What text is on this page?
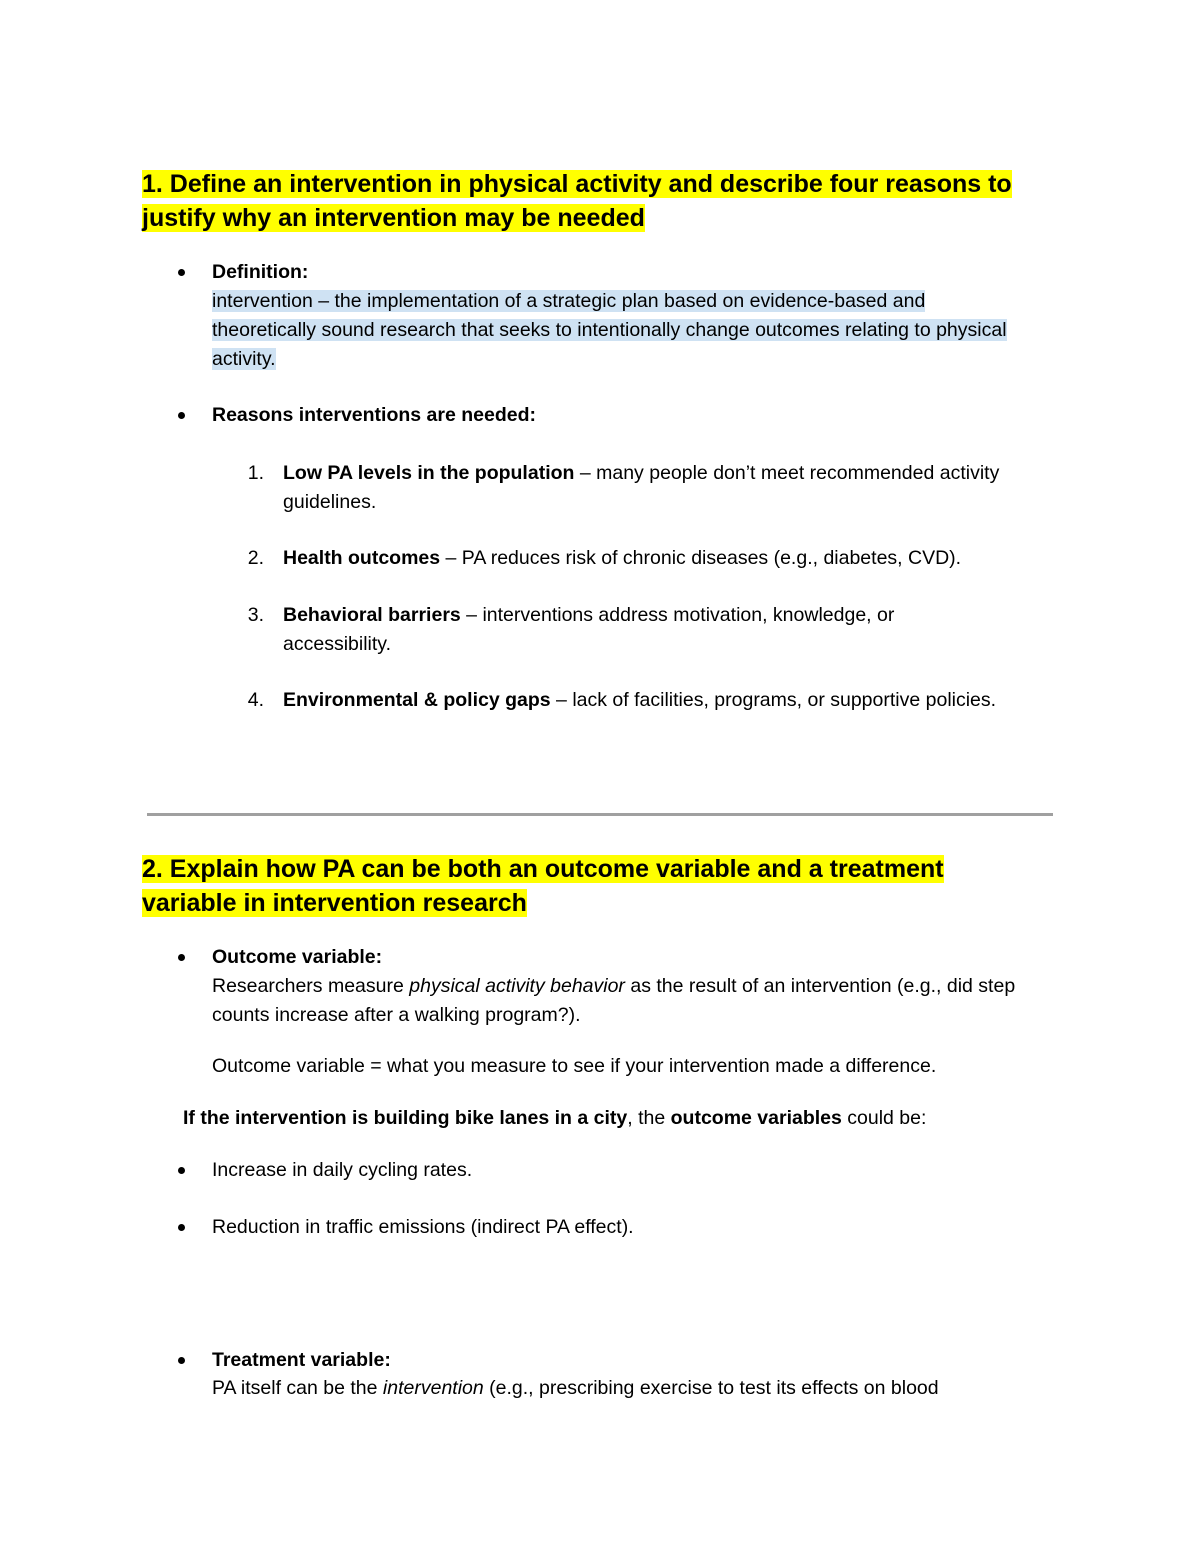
1. Define an intervention in physical activity and describe four reasons to justify why an intervention may be needed

Definition:

intervention – the implementation of a strategic plan based on evidence-based and theoretically sound research that seeks to intentionally change outcomes relating to physical activity.

Reasons interventions are needed:

1. Low PA levels in the population – many people don’t meet recommended activity guidelines.

2. Health outcomes – PA reduces risk of chronic diseases (e.g., diabetes, CVD).

3. Behavioral barriers – interventions address motivation, knowledge, or accessibility.

4. Environmental & policy gaps – lack of facilities, programs, or supportive policies.

2. Explain how PA can be both an outcome variable and a treatment variable in intervention research

Outcome variable:

Researchers measure physical activity behavior as the result of an intervention (e.g., did step counts increase after a walking program?).

Outcome variable = what you measure to see if your intervention made a difference.

If the intervention is building bike lanes in a city, the outcome variables could be:

Increase in daily cycling rates.

Reduction in traffic emissions (indirect PA effect).

Treatment variable:

PA itself can be the intervention (e.g., prescribing exercise to test its effects on blood
